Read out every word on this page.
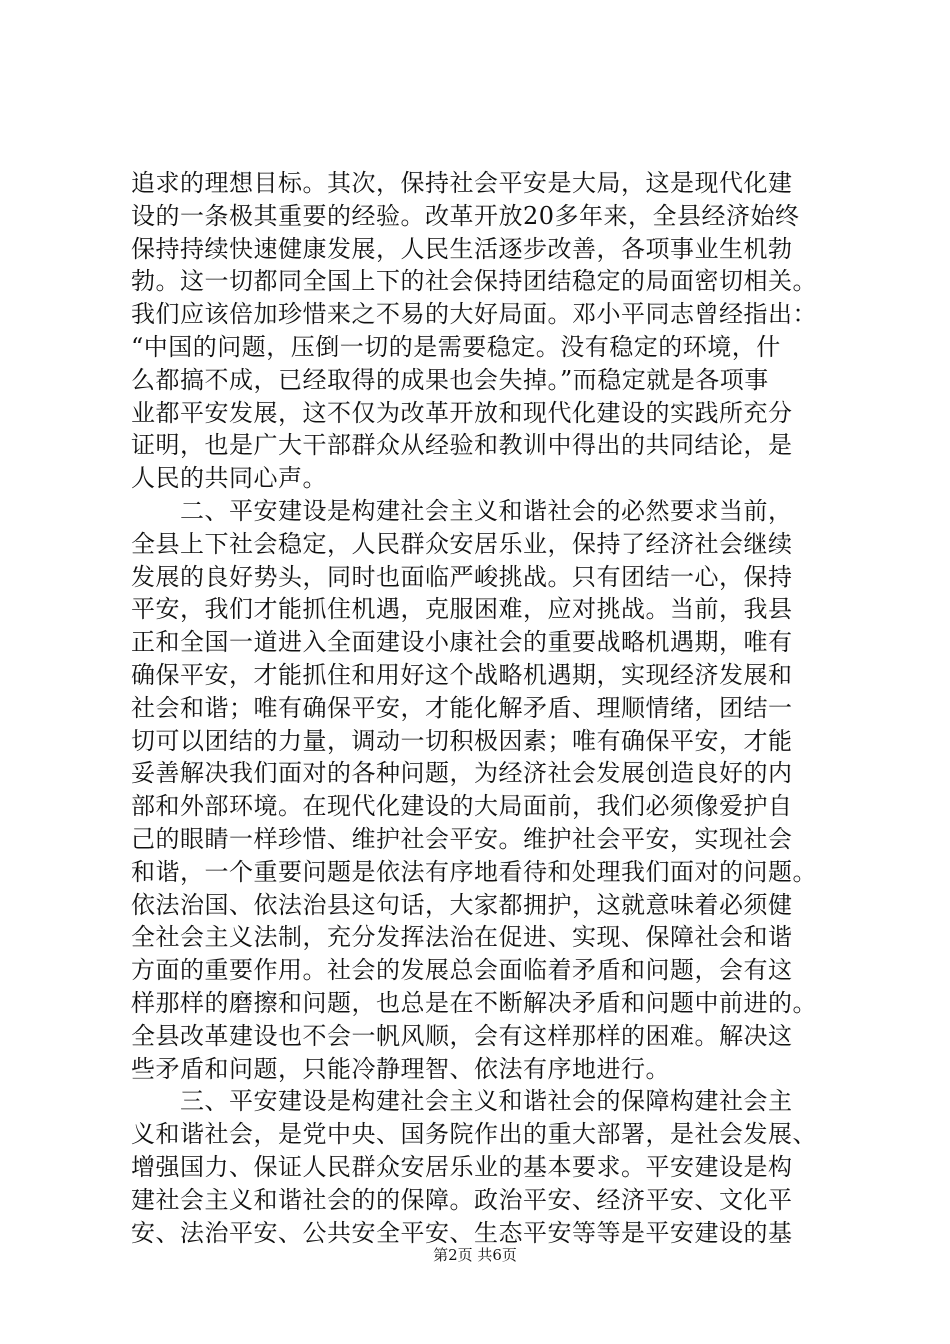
追求的理想目标。其次，保持社会平安是大局，这是现代化建
设的一条极其重要的经验。改革开放20多年来，全县经济始终
保持持续快速健康发展，人民生活逐步改善，各项事业生机勃
勃。这一切都同全国上下的社会保持团结稳定的局面密切相关。
我们应该倍加珍惜来之不易的大好局面。邓小平同志曾经指出：
“中国的问题，压倒一切的是需要稳定。没有稳定的环境，什
么都搞不成，已经取得的成果也会失掉。”而稳定就是各项事
业都平安发展，这不仅为改革开放和现代化建设的实践所充分
证明，也是广大干部群众从经验和教训中得出的共同结论，是
人民的共同心声。
　　二、平安建设是构建社会主义和谐社会的必然要求当前，
全县上下社会稳定，人民群众安居乐业，保持了经济社会继续
发展的良好势头，同时也面临严峻挑战。只有团结一心，保持
平安，我们才能抓住机遇，克服困难，应对挑战。当前，我县
正和全国一道进入全面建设小康社会的重要战略机遇期，唯有
确保平安，才能抓住和用好这个战略机遇期，实现经济发展和
社会和谐；唯有确保平安，才能化解矛盾、理顺情绪，团结一
切可以团结的力量，调动一切积极因素；唯有确保平安，才能
妥善解决我们面对的各种问题，为经济社会发展创造良好的内
部和外部环境。在现代化建设的大局面前，我们必须像爱护自
己的眼睛一样珍惜、维护社会平安。维护社会平安，实现社会
和谐，一个重要问题是依法有序地看待和处理我们面对的问题。
依法治国、依法治县这句话，大家都拥护，这就意味着必须健
全社会主义法制，充分发挥法治在促进、实现、保障社会和谐
方面的重要作用。社会的发展总会面临着矛盾和问题，会有这
样那样的磨擦和问题，也总是在不断解决矛盾和问题中前进的。
全县改革建设也不会一帆风顺，会有这样那样的困难。解决这
些矛盾和问题，只能冷静理智、依法有序地进行。
　　三、平安建设是构建社会主义和谐社会的保障构建社会主
义和谐社会，是党中央、国务院作出的重大部署，是社会发展、
增强国力、保证人民群众安居乐业的基本要求。平安建设是构
建社会主义和谐社会的的保障。政治平安、经济平安、文化平
安、法治平安、公共安全平安、生态平安等等是平安建设的基
第2页 共6页
